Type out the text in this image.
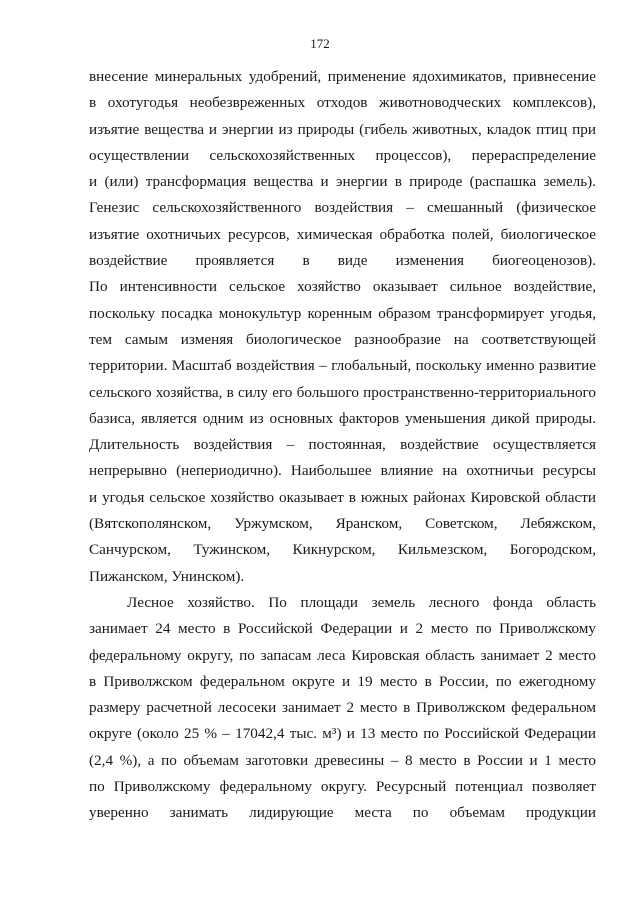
172
внесение минеральных удобрений, применение ядохимикатов, привнесение
в охотугодья необезвреженных отходов животноводческих комплексов),
изъятие вещества и энергии из природы (гибель животных, кладок птиц при
осуществлении сельскохозяйственных процессов), перераспределение
и (или) трансформация вещества и энергии в природе (распашка земель).
Генезис сельскохозяйственного воздействия – смешанный (физическое
изъятие охотничьих ресурсов, химическая обработка полей, биологическое
воздействие проявляется в виде изменения биогеоценозов).
По интенсивности сельское хозяйство оказывает сильное воздействие,
поскольку посадка монокультур коренным образом трансформирует угодья,
тем самым изменяя биологическое разнообразие на соответствующей
территории. Масштаб воздействия – глобальный, поскольку именно развитие
сельского хозяйства, в силу его большого пространственно-территориального
базиса, является одним из основных факторов уменьшения дикой природы.
Длительность воздействия – постоянная, воздействие осуществляется
непрерывно (непериодично). Наибольшее влияние на охотничьи ресурсы
и угодья сельское хозяйство оказывает в южных районах Кировской области
(Вятскополянском, Уржумском, Яранском, Советском, Лебяжском,
Санчурском, Тужинском, Кикнурском, Кильмезском, Богородском,
Пижанском, Унинском).
Лесное хозяйство. По площади земель лесного фонда область
занимает 24 место в Российской Федерации и 2 место по Приволжскому
федеральному округу, по запасам леса Кировская область занимает 2 место
в Приволжском федеральном округе и 19 место в России, по ежегодному
размеру расчетной лесосеки занимает 2 место в Приволжском федеральном
округе (около 25 % – 17042,4 тыс. м³) и 13 место по Российской Федерации
(2,4 %), а по объемам заготовки древесины – 8 место в России и 1 место
по Приволжскому федеральному округу. Ресурсный потенциал позволяет
уверенно занимать лидирующие места по объемам продукции
